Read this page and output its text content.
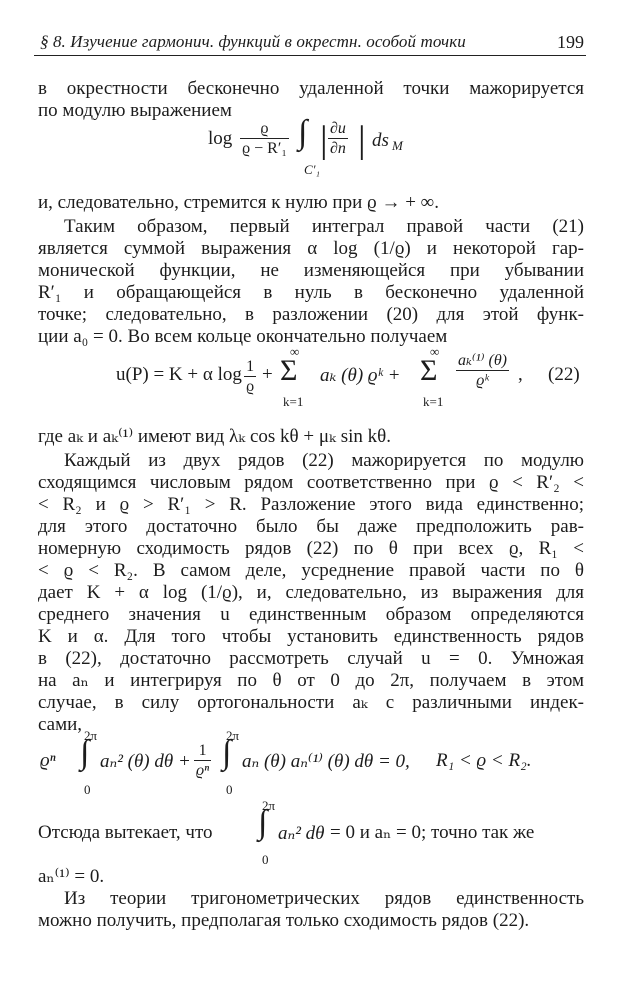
§ 8. Изучение гармонич. функций в окрестн. особой точки	199
в окрестности бесконечно удаленной точки мажорируется
по модулю выражением
$\log \frac{ϱ}{\text{ϱ − R′₁}}$ ∫
C′₁
| $\frac{\partial u}{\partial n}$ | ds M
и, следовательно, стремится к нулю при ϱ → + ∞.
Таким образом, первый интеграл правой части (21)
является суммой выражения α log (1/ϱ) и некоторой гар-
монической функции, не изменяющейся при убывании
R′₁ и обращающейся в нуль в бесконечно удаленной
точке; следовательно, в разложении (20) для этой функ-
ции a₀ = 0. Во всем кольце окончательно получаем
u(P) = K + α $\log \frac{1}{ϱ}$ +
∞
Σ
k=1
aₖ (θ) ϱᵏ +
∞
Σ
k=1
$\frac{\text{aₖ⁽¹⁾ (θ)}}{\text{ϱᵏ}}$ , (22)
где aₖ и aₖ⁽¹⁾ имеют вид λₖ cos kθ + μₖ sin kθ.
Каждый из двух рядов (22) мажорируется по модулю
сходящимся числовым рядом соответственно при ϱ < R′₂ <
< R₂ и ϱ > R′₁ > R. Разложение этого вида единственно;
для этого достаточно было бы даже предположить рав-
номерную сходимость рядов (22) по θ при всех ϱ, R₁ <
< ϱ < R₂. В самом деле, усреднение правой части по θ
дает K + α log (1/ϱ), и, следовательно, из выражения для
среднего значения u единственным образом определяются
K и α. Для того чтобы установить единственность рядов
в (22), достаточно рассмотреть случай u = 0. Умножая
на aₙ и интегрируя по θ от 0 до 2π, получаем в этом
случае, в силу ортогональности aₖ с различными индек-
сами,
ϱⁿ
2π
∫
0
aₙ² (θ) $d\theta + \frac{1}{\text{ϱⁿ}}$
2π
∫
0
aₙ (θ) aₙ⁽¹⁾ (θ) dθ = 0, R₁ < ϱ < R₂.
Отсюда вытекает, что
2π
∫
0
aₙ² dθ = 0 и aₙ = 0; точно так же
aₙ⁽¹⁾ = 0.
Из теории тригонометрических рядов единственность
можно получить, предполагая только сходимость рядов (22).
